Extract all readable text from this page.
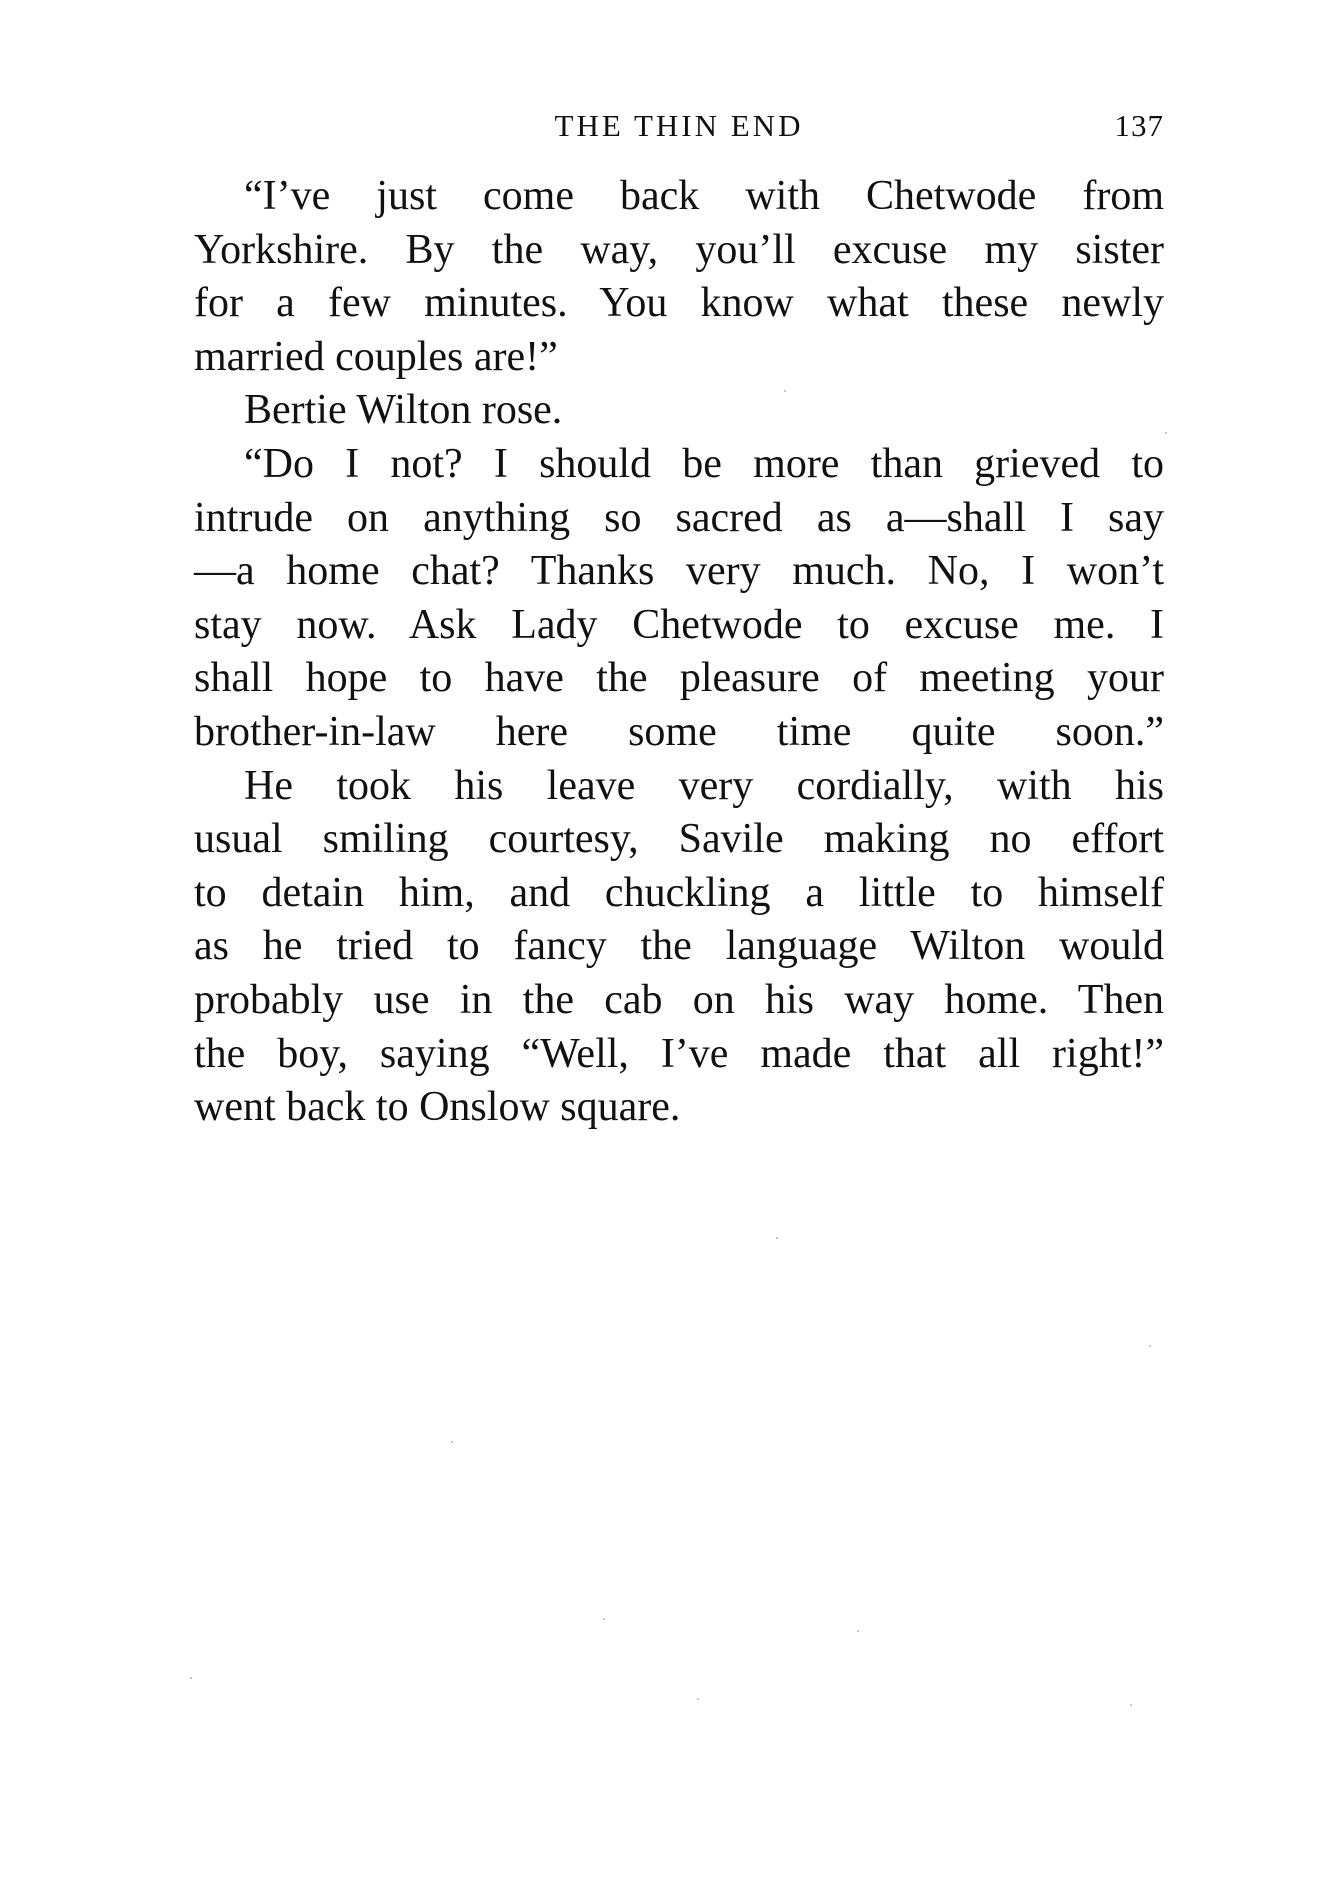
THE THIN END	137
“I’ve just come back with Chetwode from
Yorkshire. By the way, you’ll excuse my sister
for a few minutes. You know what these newly
married couples are!”
Bertie Wilton rose.
“Do I not? I should be more than grieved to
intrude on anything so sacred as a—shall I say
—a home chat? Thanks very much. No, I won’t
stay now. Ask Lady Chetwode to excuse me. I
shall hope to have the pleasure of meeting your
brother-in-law here some time quite soon.”
He took his leave very cordially, with his
usual smiling courtesy, Savile making no effort
to detain him, and chuckling a little to himself
as he tried to fancy the language Wilton would
probably use in the cab on his way home. Then
the boy, saying “Well, I’ve made that all right!”
went back to Onslow square.
